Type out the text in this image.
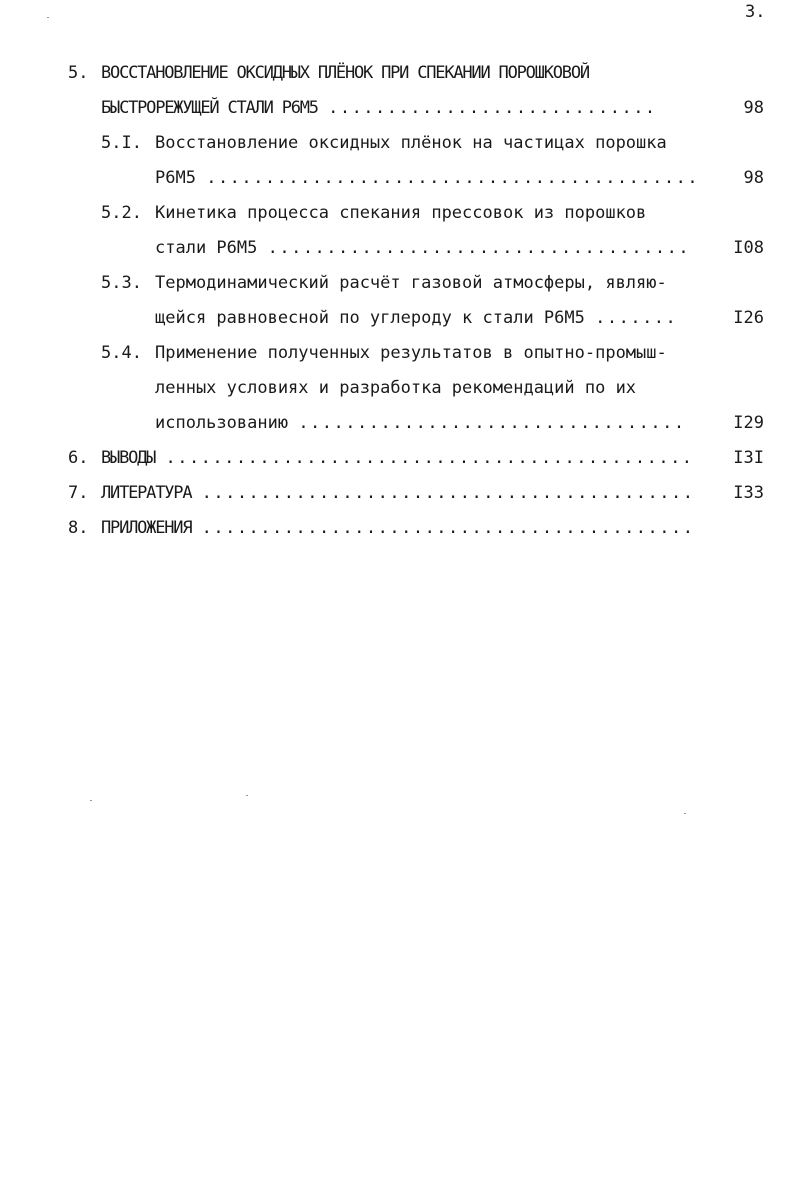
3.
5. ВОССТАНОВЛЕНИЕ ОКСИДНЫХ ПЛЁНОК ПРИ СПЕКАНИИ ПОРОШКОВОЙ
БЫСТРОРЕЖУЩЕЙ СТАЛИ Р6М5 ............................	98
5.I. Восстановление оксидных плёнок на частицах порошка
Р6М5 ..........................................	98
5.2. Кинетика процесса спекания прессовок из порошков
стали Р6М5 ....................................	I08
5.3. Термодинамический расчёт газовой атмосферы, являю-
щейся равновесной по углероду к стали Р6М5 .......	I26
5.4. Применение полученных результатов в опытно-промыш-
ленных условиях и разработка рекомендаций по их
использованию .................................	I29
6. ВЫВОДЫ .............................................	I3I
7. ЛИТЕРАТУРА ..........................................	I33
8. ПРИЛОЖЕНИЯ ..........................................
